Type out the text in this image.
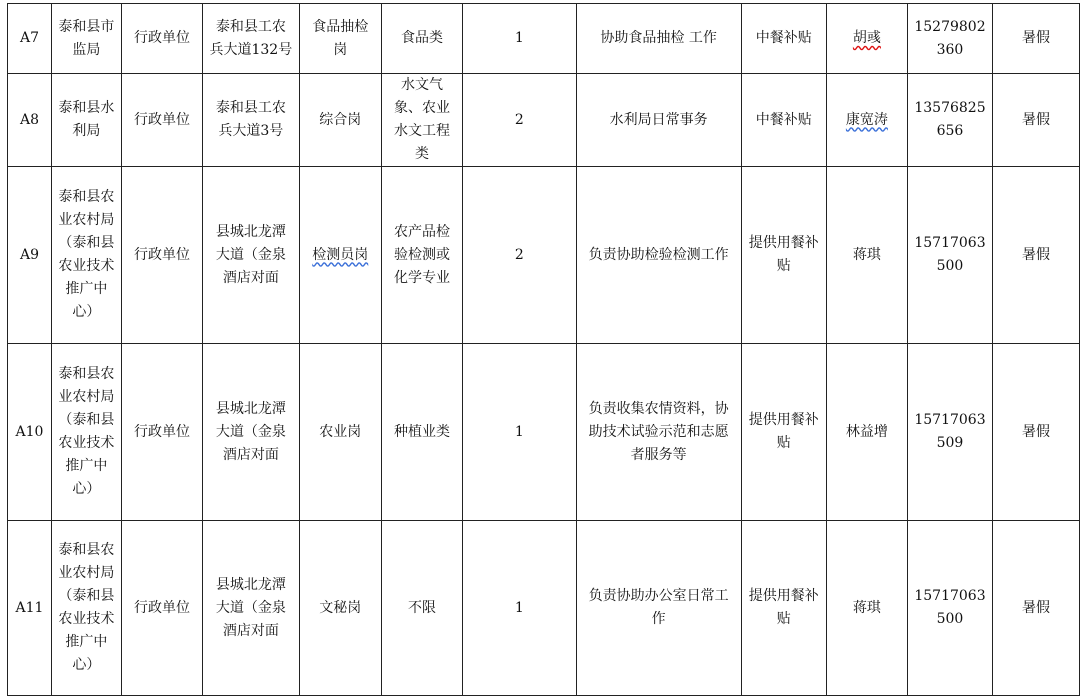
A7	泰和县市监局	行政单位	泰和县工农兵大道132号	食品抽检岗	食品类	1	协助食品抽检 工作	中餐补贴	胡彧	15279802360	暑假
A8	泰和县水利局	行政单位	泰和县工农兵大道3号	综合岗	水文气象、农业水文工程类	2	水利局日常事务	中餐补贴	康宽涛	13576825656	暑假
A9	泰和县农业农村局（泰和县农业技术推广中心）	行政单位	县城北龙潭大道（金泉酒店对面	检测员岗	农产品检验检测或化学专业	2	负责协助检验检测工作	提供用餐补贴	蒋琪	15717063500	暑假
A10	泰和县农业农村局（泰和县农业技术推广中心）	行政单位	县城北龙潭大道（金泉酒店对面	农业岗	种植业类	1	负责收集农情资料，协助技术试验示范和志愿者服务等	提供用餐补贴	林益增	15717063509	暑假
A11	泰和县农业农村局（泰和县农业技术推广中心）	行政单位	县城北龙潭大道（金泉酒店对面	文秘岗	不限	1	负责协助办公室日常工作	提供用餐补贴	蒋琪	15717063500	暑假
